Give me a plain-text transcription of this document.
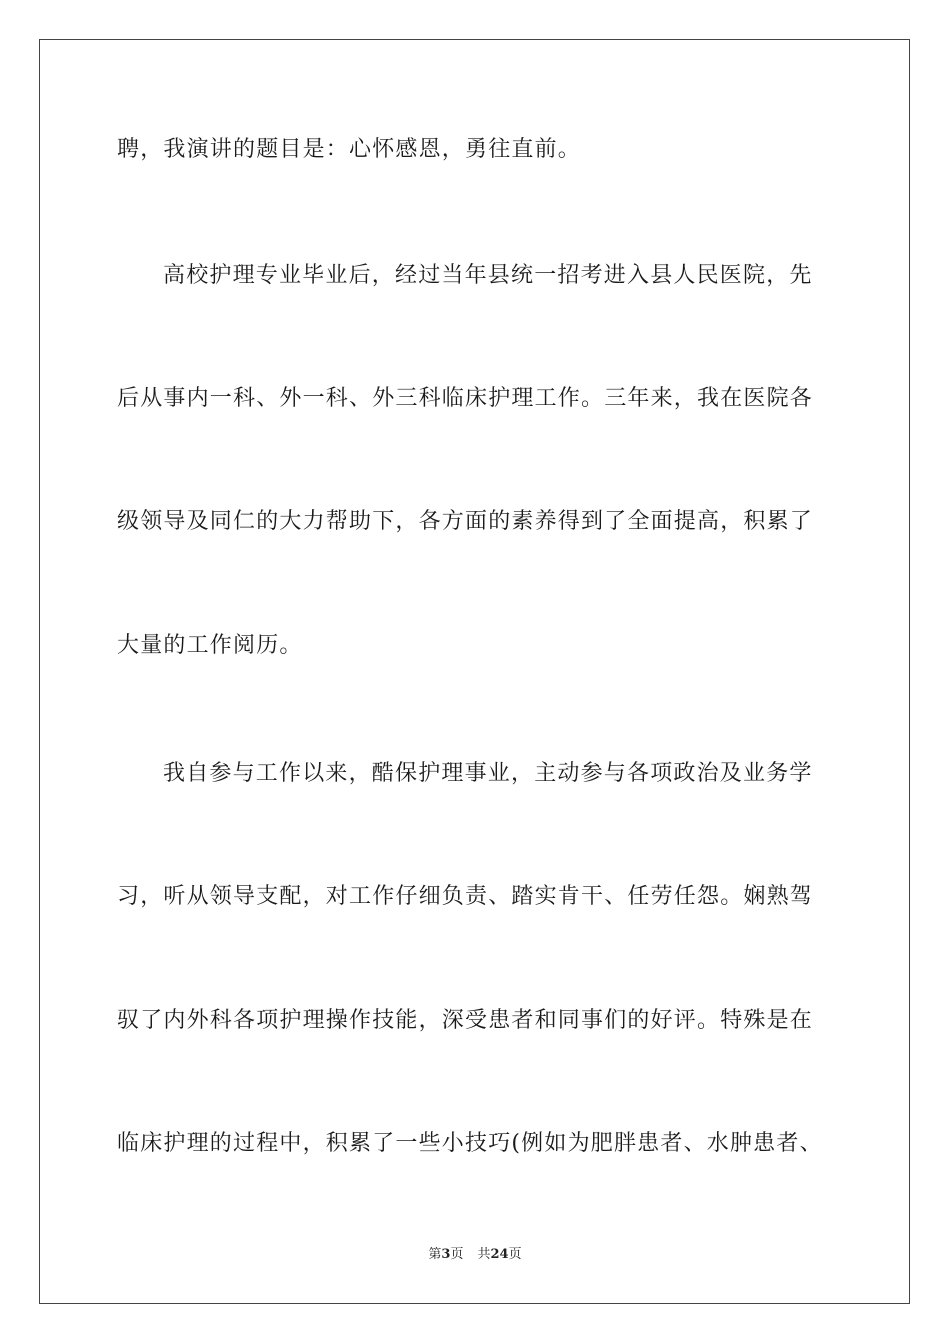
聘，我演讲的题目是：心怀感恩，勇往直前。
高校护理专业毕业后，经过当年县统一招考进入县人民医院，先
后从事内一科、外一科、外三科临床护理工作。三年来，我在医院各
级领导及同仁的大力帮助下，各方面的素养得到了全面提高，积累了
大量的工作阅历。
我自参与工作以来，酷保护理事业，主动参与各项政治及业务学
习，听从领导支配，对工作仔细负责、踏实肯干、任劳任怨。娴熟驾
驭了内外科各项护理操作技能，深受患者和同事们的好评。特殊是在
临床护理的过程中，积累了一些小技巧(例如为肥胖患者、水肿患者、
第3页 共24页
